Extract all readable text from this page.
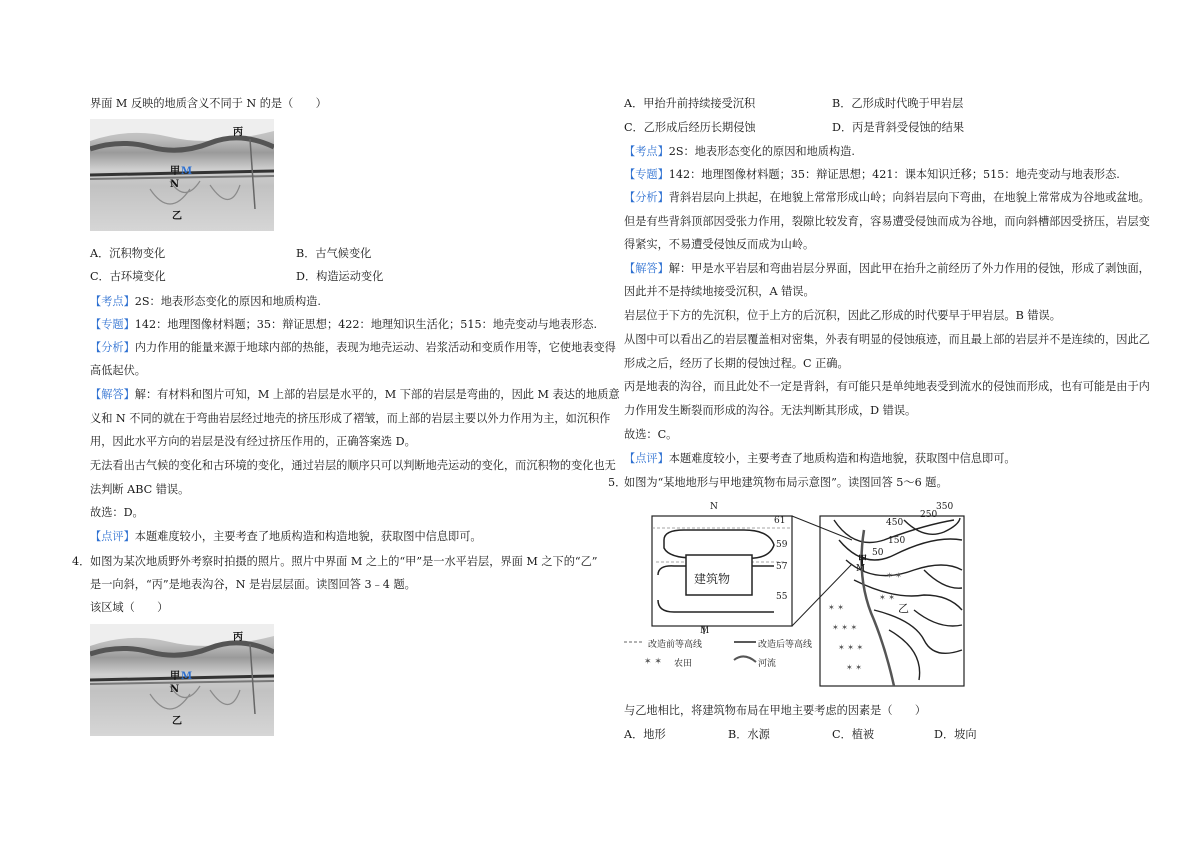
界面 M 反映的地质含义不同于 N 的是（　　）
丙
甲 M
N
乙
A．沉积物变化	B．古气候变化
C．古环境变化	D．构造运动变化
【考点】2S：地表形态变化的原因和地质构造.
【专题】142：地理图像材料题；35：辩证思想；422：地理知识生活化；515：地壳变动与地表形态.
【分析】内力作用的能量来源于地球内部的热能，表现为地壳运动、岩浆活动和变质作用等，它使地表变得
高低起伏。
【解答】解：有材料和图片可知，M 上部的岩层是水平的，M 下部的岩层是弯曲的，因此 M 表达的地质意
义和 N 不同的就在于弯曲岩层经过地壳的挤压形成了褶皱，而上部的岩层主要以外力作用为主，如沉积作
用，因此水平方向的岩层是没有经过挤压作用的，正确答案选 D。
无法看出古气候的变化和古环境的变化，通过岩层的顺序只可以判断地壳运动的变化，而沉积物的变化也无
法判断 ABC 错误。
故选：D。
【点评】本题难度较小，主要考查了地质构造和构造地貌，获取图中信息即可。
4． 如图为某次地质野外考察时拍摄的照片。照片中界面 M 之上的“甲”是一水平岩层，界面 M 之下的“乙”
是一向斜，“丙”是地表沟谷，N 是岩层层面。读图回答 3﹣4 题。
该区域（　　）
丙
甲 M
N
乙
A．甲抬升前持续接受沉积	B．乙形成时代晚于甲岩层
C．乙形成后经历长期侵蚀	D．丙是背斜受侵蚀的结果
【考点】2S：地表形态变化的原因和地质构造.
【专题】142：地理图像材料题；35：辩证思想；421：课本知识迁移；515：地壳变动与地表形态.
【分析】背斜岩层向上拱起，在地貌上常常形成山岭；向斜岩层向下弯曲，在地貌上常常成为谷地或盆地。
但是有些背斜顶部因受张力作用，裂隙比较发育，容易遭受侵蚀而成为谷地，而向斜槽部因受挤压，岩层变
得紧实，不易遭受侵蚀反而成为山岭。
【解答】解：甲是水平岩层和弯曲岩层分界面，因此甲在抬升之前经历了外力作用的侵蚀，形成了剥蚀面，
因此并不是持续地接受沉积，A 错误。
岩层位于下方的先沉积，位于上方的后沉积，因此乙形成的时代要早于甲岩层。B 错误。
从图中可以看出乙的岩层覆盖相对密集，外表有明显的侵蚀痕迹，而且最上部的岩层并不是连续的，因此乙
形成之后，经历了长期的侵蚀过程。C 正确。
丙是地表的沟谷，而且此处不一定是背斜，有可能只是单纯地表受到流水的侵蚀而形成，也有可能是由于内
力作用发生断裂而形成的沟谷。无法判断其形成，D 错误。
故选：C。
【点评】本题难度较小，主要考查了地质构造和构造地貌，获取图中信息即可。
5．
如图为“某地地形与甲地建筑物布局示意图”。读图回答 5～6 题。
✶ ✶
✶ ✶ ✶
✶ ✶ ✶
✶ ✶
✶ ✶
✶ ✶
✶ ✶
N
M
建筑物
61
59
57
55
450
350
250
150
50
甲
M
乙
改造前等高线	改造后等高线
农田	河流
与乙地相比，将建筑物布局在甲地主要考虑的因素是（　　）
A．地形	B．水源	C．植被	D．坡向
